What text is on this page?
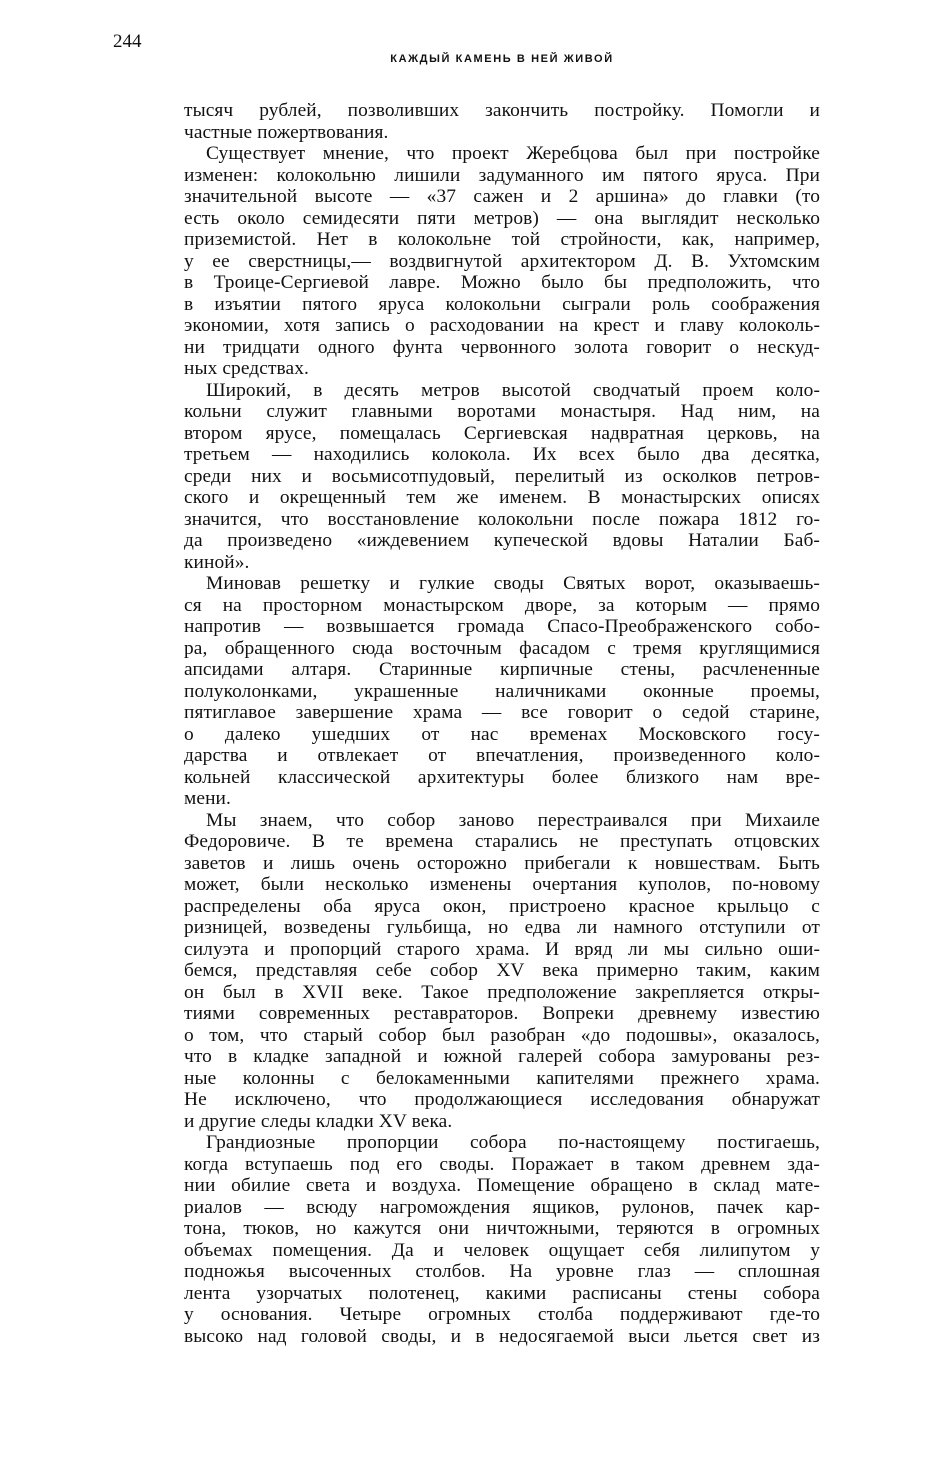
244
КАЖДЫЙ КАМЕНЬ В НЕЙ ЖИВОЙ

тысяч рублей, позволивших закончить постройку. Помогли и
частные пожертвования.

Существует мнение, что проект Жеребцова был при постройке
изменен: колокольню лишили задуманного им пятого яруса. При
значительной высоте — «37 сажен и 2 аршина» до главки (то
есть около семидесяти пяти метров) — она выглядит несколько
приземистой. Нет в колокольне той стройности, как, например,
у ее сверстницы,— воздвигнутой архитектором Д. В. Ухтомским
в Троице-Сергиевой лавре. Можно было бы предположить, что
в изъятии пятого яруса колокольни сыграли роль соображения
экономии, хотя запись о расходовании на крест и главу колоколь-
ни тридцати одного фунта червонного золота говорит о нескуд-
ных средствах.

Широкий, в десять метров высотой сводчатый проем коло-
кольни служит главными воротами монастыря. Над ним, на
втором ярусе, помещалась Сергиевская надвратная церковь, на
третьем — находились колокола. Их всех было два десятка,
среди них и восьмисотпудовый, перелитый из осколков петров-
ского и окрещенный тем же именем. В монастырских описях
значится, что восстановление колокольни после пожара 1812 го-
да произведено «иждевением купеческой вдовы Наталии Баб-
киной».

Миновав решетку и гулкие своды Святых ворот, оказываешь-
ся на просторном монастырском дворе, за которым — прямо
напротив — возвышается громада Спасо-Преображенского собо-
ра, обращенного сюда восточным фасадом с тремя круглящимися
апсидами алтаря. Старинные кирпичные стены, расчлененные
полуколонками, украшенные наличниками оконные проемы,
пятиглавое завершение храма — все говорит о седой старине,
о далеко ушедших от нас временах Московского госу-
дарства и отвлекает от впечатления, произведенного коло-
кольней классической архитектуры более близкого нам вре-
мени.

Мы знаем, что собор заново перестраивался при Михаиле
Федоровиче. В те времена старались не преступать отцовских
заветов и лишь очень осторожно прибегали к новшествам. Быть
может, были несколько изменены очертания куполов, по-новому
распределены оба яруса окон, пристроено красное крыльцо с
ризницей, возведены гульбища, но едва ли намного отступили от
силуэта и пропорций старого храма. И вряд ли мы сильно оши-
бемся, представляя себе собор XV века примерно таким, каким
он был в XVII веке. Такое предположение закрепляется откры-
тиями современных реставраторов. Вопреки древнему известию
о том, что старый собор был разобран «до подошвы», оказалось,
что в кладке западной и южной галерей собора замурованы рез-
ные колонны с белокаменными капителями прежнего храма.
Не исключено, что продолжающиеся исследования обнаружат
и другие следы кладки XV века.

Грандиозные пропорции собора по-настоящему постигаешь,
когда вступаешь под его своды. Поражает в таком древнем зда-
нии обилие света и воздуха. Помещение обращено в склад мате-
риалов — всюду нагромождения ящиков, рулонов, пачек кар-
тона, тюков, но кажутся они ничтожными, теряются в огромных
объемах помещения. Да и человек ощущает себя лилипутом у
подножья высоченных столбов. На уровне глаз — сплошная
лента узорчатых полотенец, какими расписаны стены собора
у основания. Четыре огромных столба поддерживают где-то
высоко над головой своды, и в недосягаемой выси льется свет из
